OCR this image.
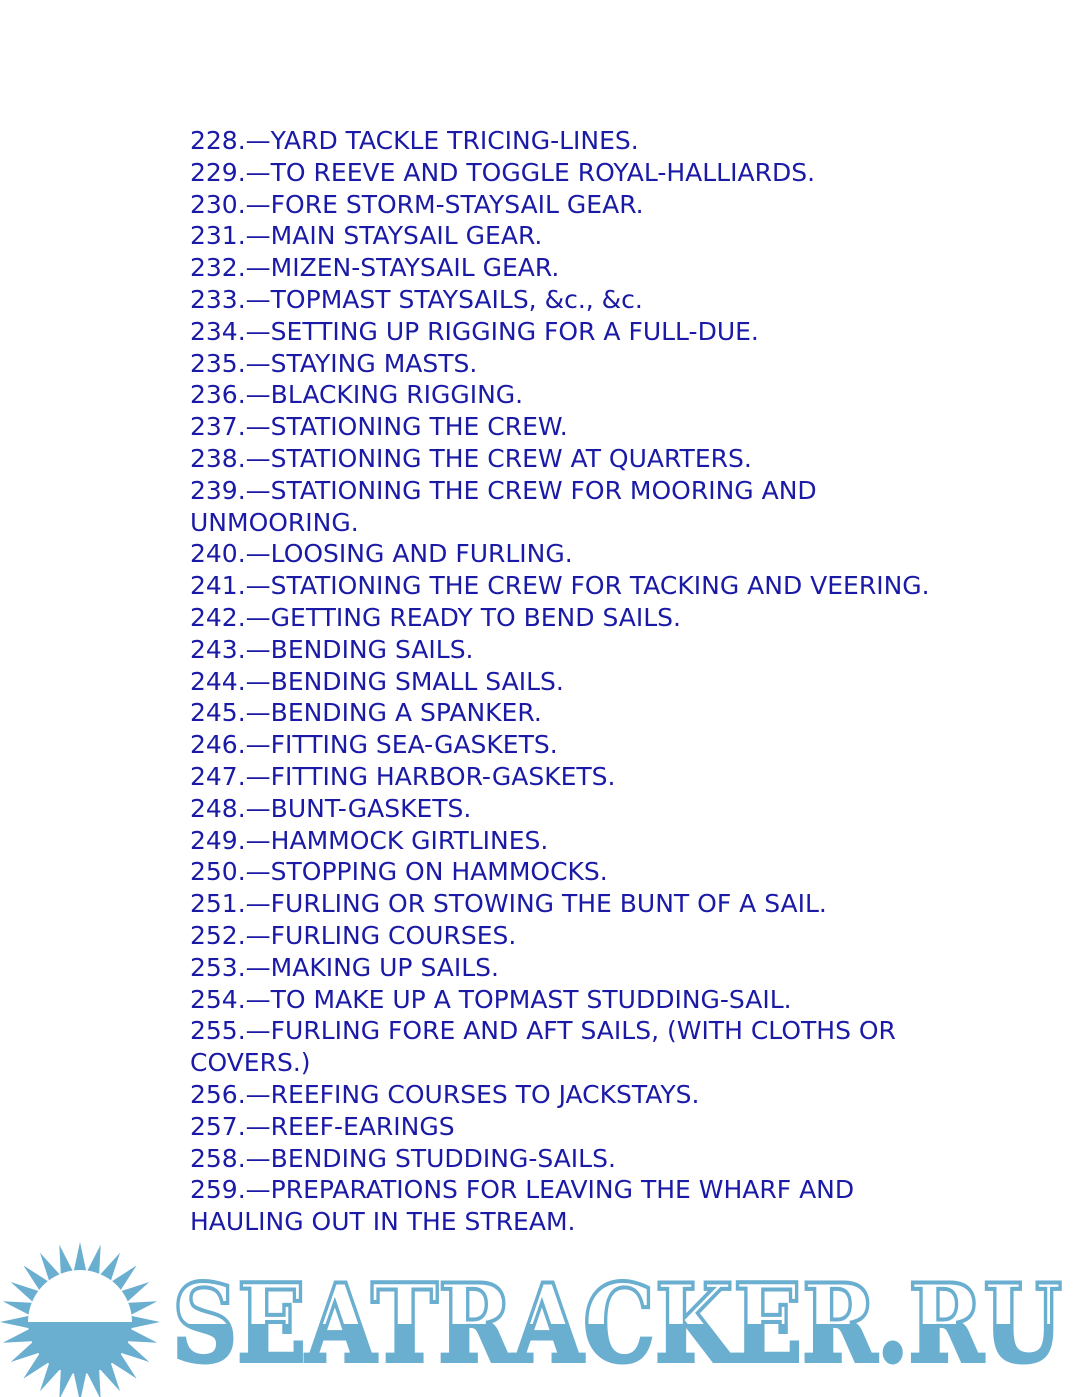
228.—YARD TACKLE TRICING-LINES.
229.—TO REEVE AND TOGGLE ROYAL-HALLIARDS.
230.—FORE STORM-STAYSAIL GEAR.
231.—MAIN STAYSAIL GEAR.
232.—MIZEN-STAYSAIL GEAR.
233.—TOPMAST STAYSAILS, &c., &c.
234.—SETTING UP RIGGING FOR A FULL-DUE.
235.—STAYING MASTS.
236.—BLACKING RIGGING.
237.—STATIONING THE CREW.
238.—STATIONING THE CREW AT QUARTERS.
239.—STATIONING THE CREW FOR MOORING AND UNMOORING.
240.—LOOSING AND FURLING.
241.—STATIONING THE CREW FOR TACKING AND VEERING.
242.—GETTING READY TO BEND SAILS.
243.—BENDING SAILS.
244.—BENDING SMALL SAILS.
245.—BENDING A SPANKER.
246.—FITTING SEA-GASKETS.
247.—FITTING HARBOR-GASKETS.
248.—BUNT-GASKETS.
249.—HAMMOCK GIRTLINES.
250.—STOPPING ON HAMMOCKS.
251.—FURLING OR STOWING THE BUNT OF A SAIL.
252.—FURLING COURSES.
253.—MAKING UP SAILS.
254.—TO MAKE UP A TOPMAST STUDDING-SAIL.
255.—FURLING FORE AND AFT SAILS, (WITH CLOTHS OR COVERS.)
256.—REEFING COURSES TO JACKSTAYS.
257.—REEF-EARINGS
258.—BENDING STUDDING-SAILS.
259.—PREPARATIONS FOR LEAVING THE WHARF AND HAULING OUT IN THE STREAM.
SEATRACKER.RU
